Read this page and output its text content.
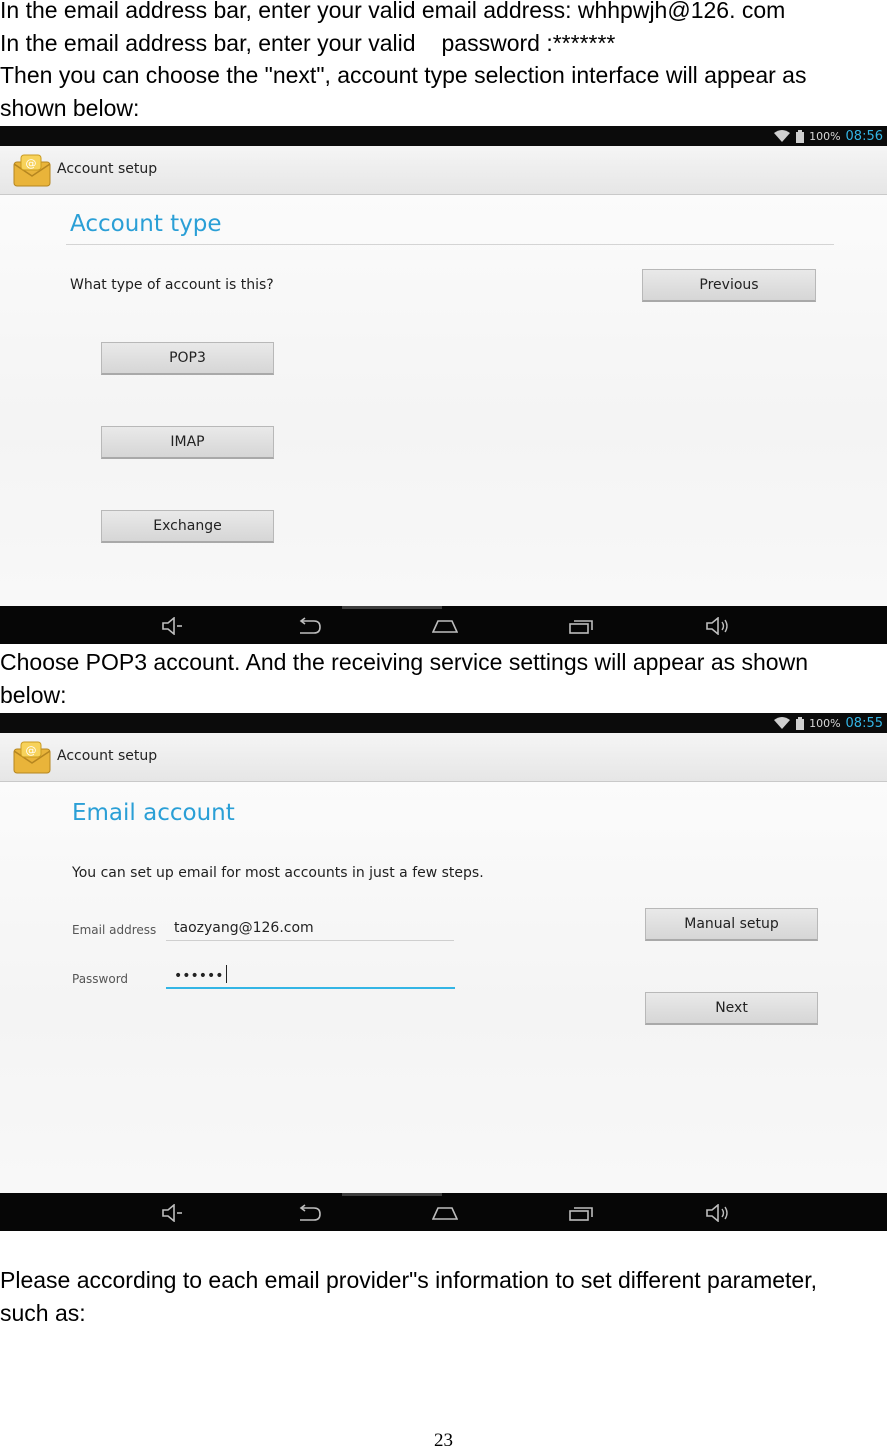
In the email address bar, enter your valid email address: whhpwjh@126. com
In the email address bar, enter your valid password :*******
Then you can choose the "next", account type selection interface will appear as
shown below:
100% 08:56
@ Account setup
Account type
What type of account is this?	Previous
POP3
IMAP
Exchange
Choose POP3 account. And the receiving service settings will appear as shown
below:
100% 08:55
@ Account setup
Email account
You can set up email for most accounts in just a few steps.
Email address	taozyang@126.com
Password	••••••
Manual setup
Next
Please according to each email provider"s information to set different parameter,
such as:
23
